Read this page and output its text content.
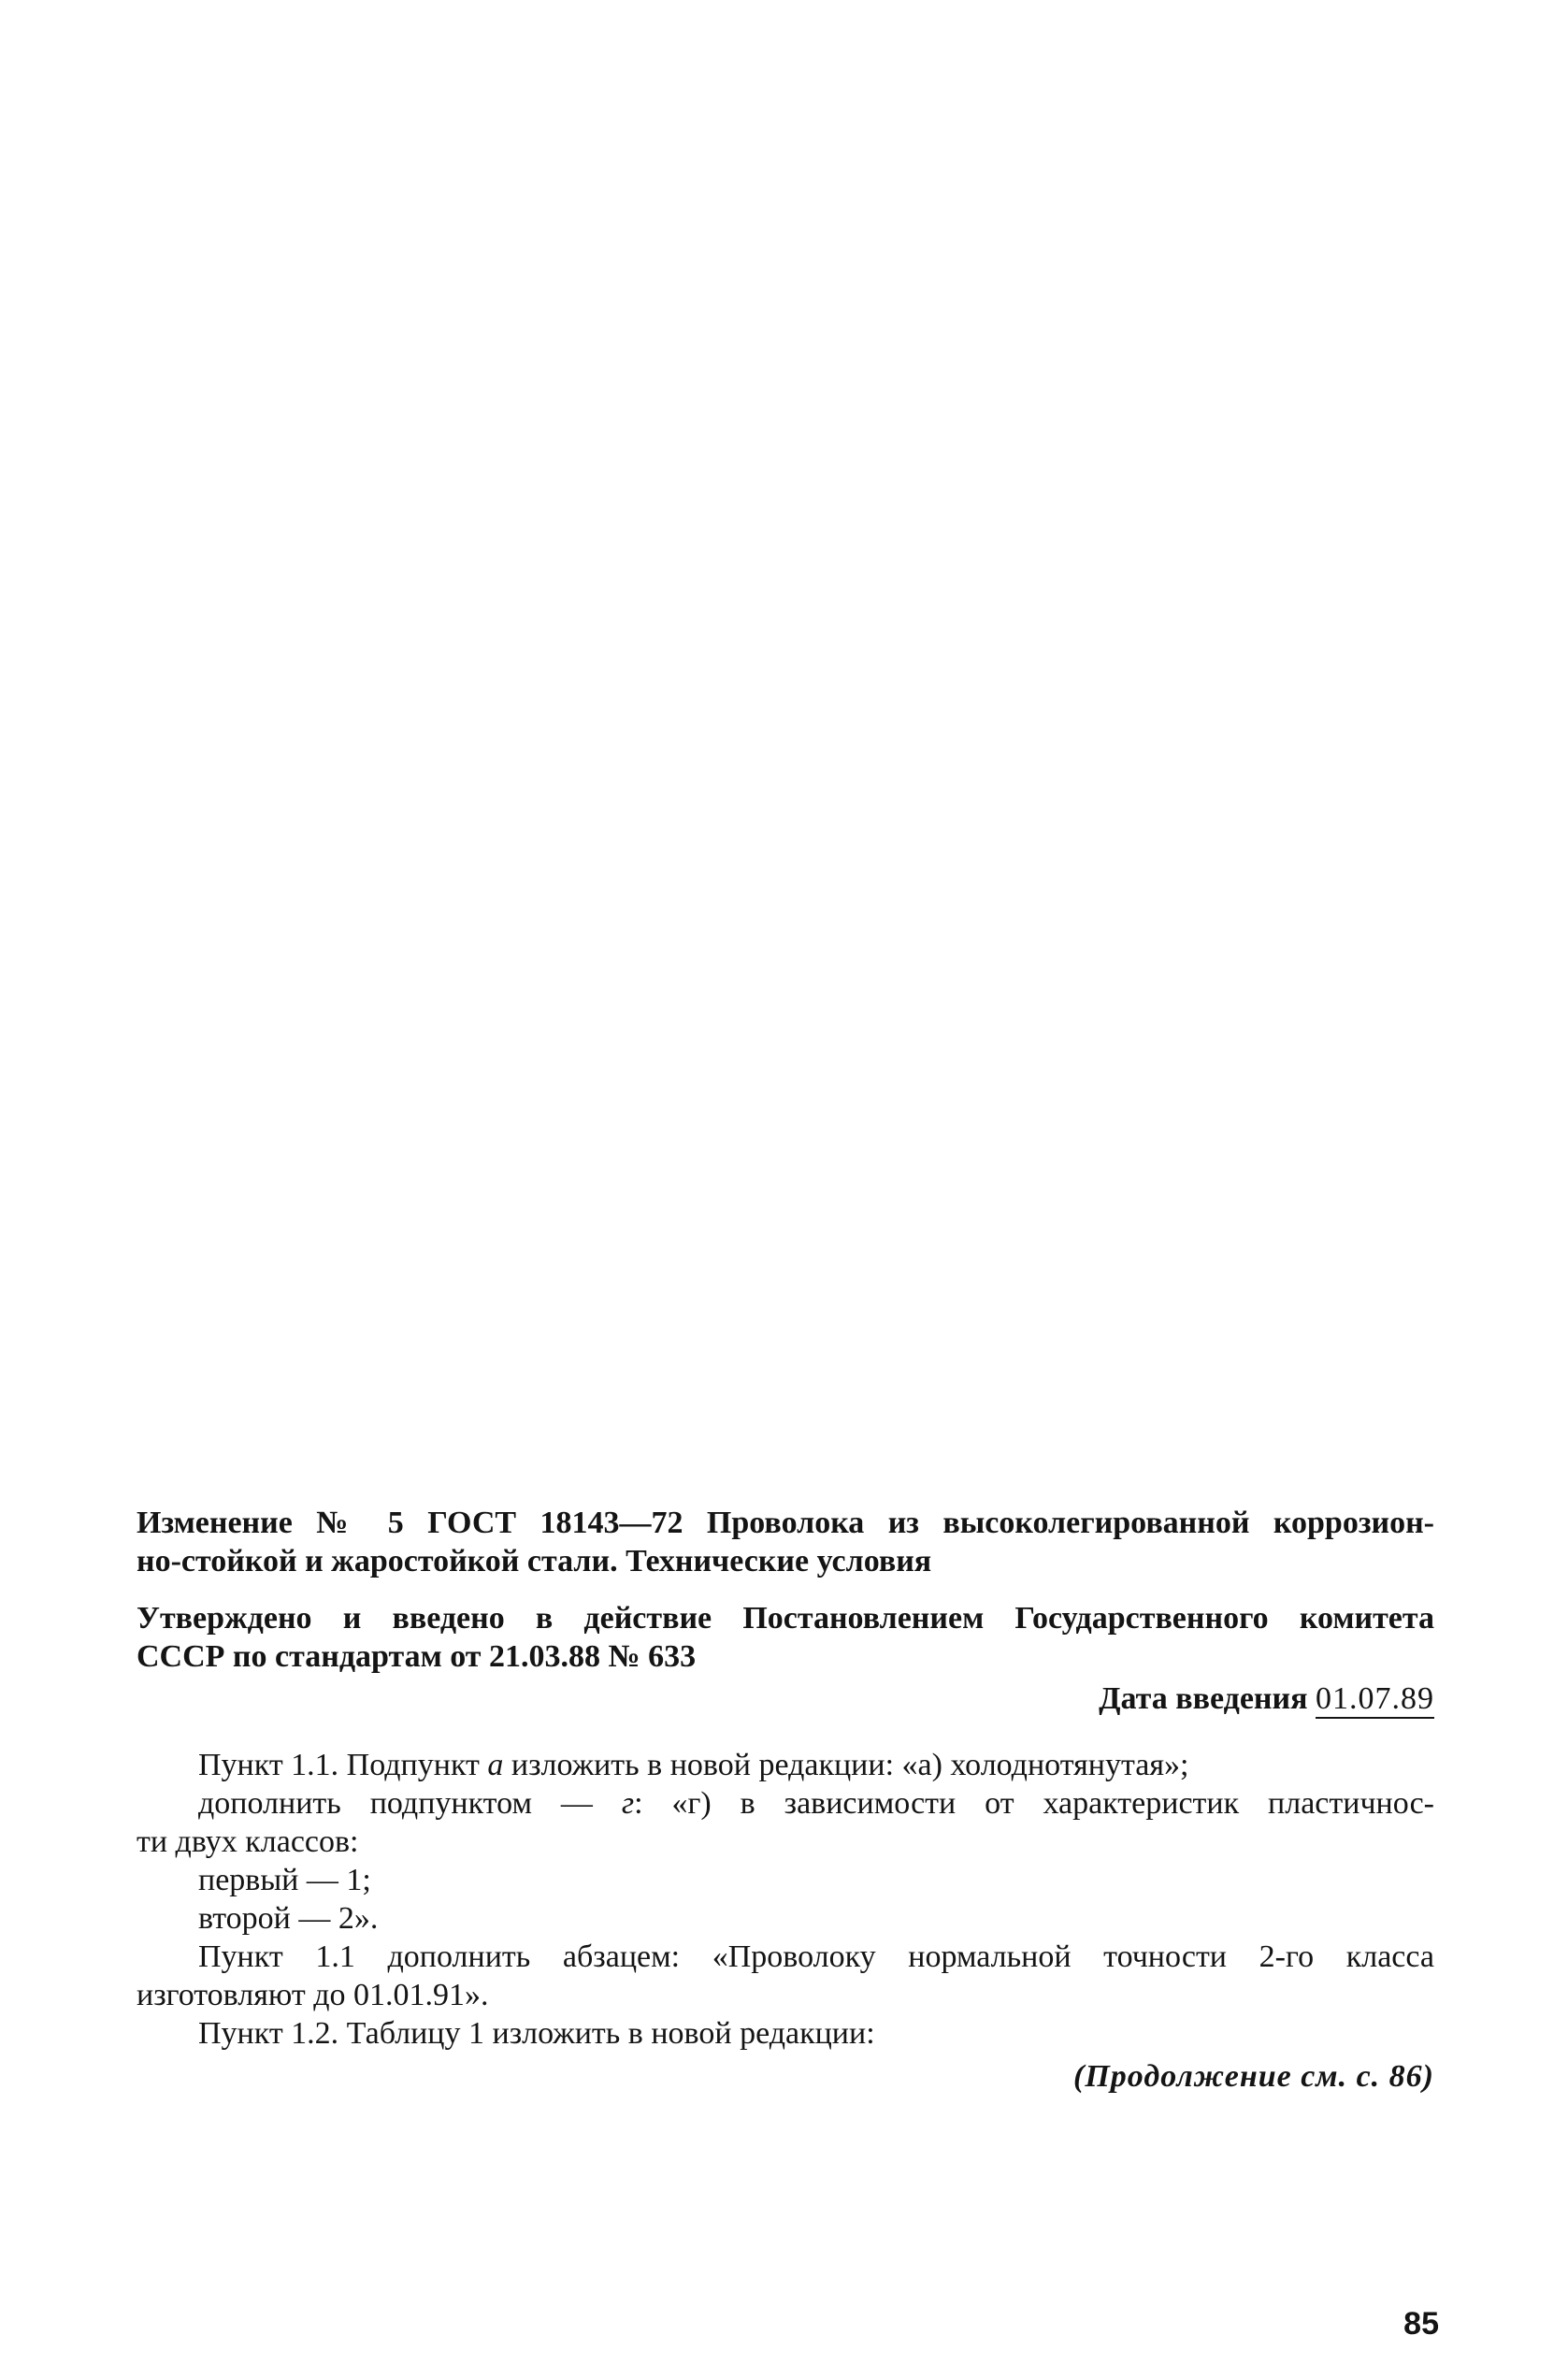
Изменение № 5 ГОСТ 18143—72 Проволока из высоколегированной коррозион-
но-стойкой и жаростойкой стали. Технические условия

Утверждено и введено в действие Постановлением Государственного комитета
СССР по стандартам от 21.03.88 № 633

Дата введения 01.07.89

Пункт 1.1. Подпункт а изложить в новой редакции: «а) холоднотянутая»;

дополнить подпунктом — г: «г) в зависимости от характеристик пластичнос-

ти двух классов:

первый — 1;

второй — 2».

Пункт 1.1 дополнить абзацем: «Проволоку нормальной точности 2-го класса

изготовляют до 01.01.91».

Пункт 1.2. Таблицу 1 изложить в новой редакции:

(Продолжение см. с. 86)
85
